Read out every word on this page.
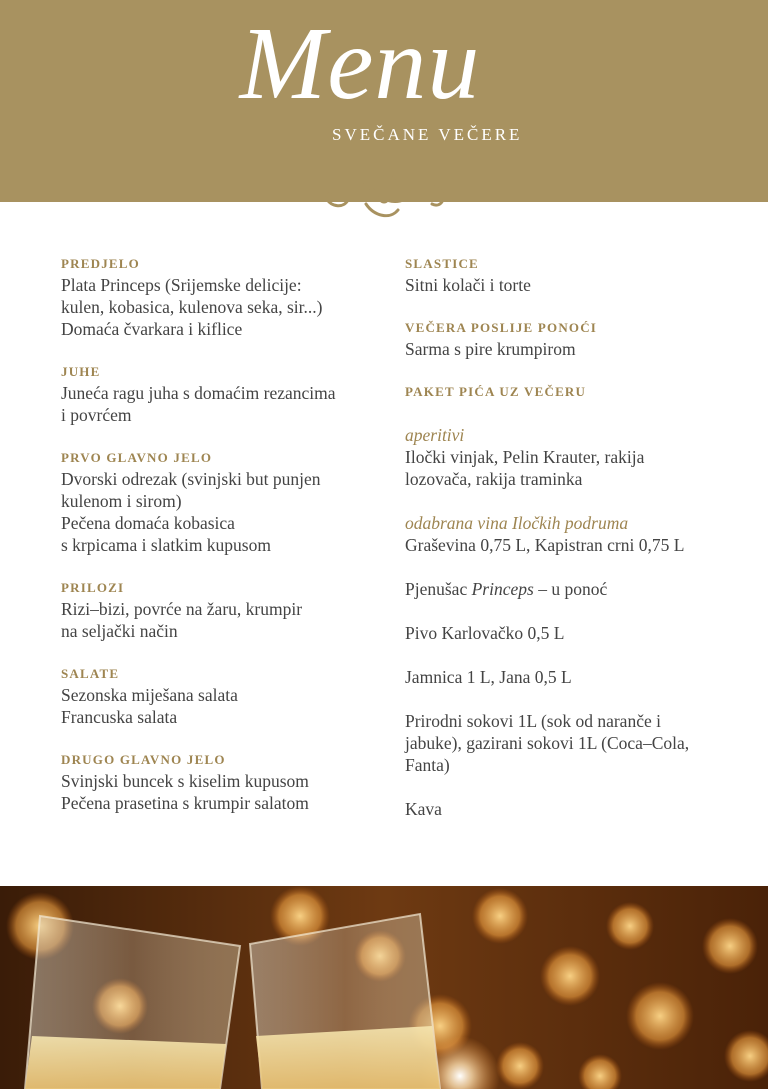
Menu
SVEČANE VEČERE
PREDJELO
Plata Princeps (Srijemske delicije:
kulen, kobasica, kulenova seka, sir...)
Domaća čvarkara i kiflice
JUHE
Juneća ragu juha s domaćim rezancima
i povrćem
PRVO GLAVNO JELO
Dvorski odrezak (svinjski but punjen
kulenom i sirom)
Pečena domaća kobasica
s krpicama i slatkim kupusom
PRILOZI
Rizi–bizi, povrće na žaru, krumpir
na seljački način
SALATE
Sezonska miješana salata
Francuska salata
DRUGO GLAVNO JELO
Svinjski buncek s kiselim kupusom
Pečena prasetina s krumpir salatom
SLASTICE
Sitni kolači i torte
VEČERA POSLIJE PONOĆI
Sarma s pire krumpirom
PAKET PIĆA UZ VEČERU
aperitivi
Iločki vinjak, Pelin Krauter, rakija
lozovača, rakija traminka
odabrana vina Iločkih podruma
Graševina 0,75 L, Kapistran crni 0,75 L
Pjenušac Princeps – u ponoć
Pivo Karlovačko 0,5 L
Jamnica 1 L, Jana 0,5 L
Prirodni sokovi 1L (sok od naranče i
jabuke), gazirani sokovi 1L (Coca–Cola,
Fanta)
Kava
